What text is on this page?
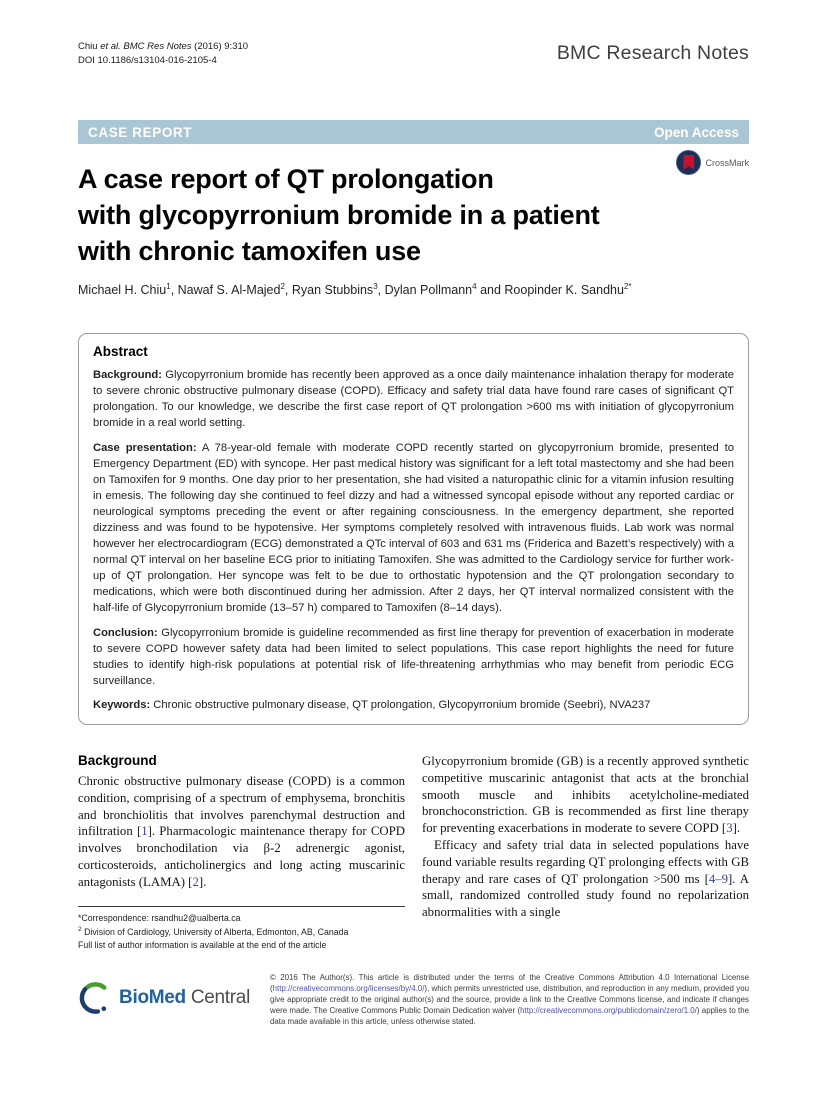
Chiu et al. BMC Res Notes (2016) 9:310
DOI 10.1186/s13104-016-2105-4	BMC Research Notes
CASE REPORT	Open Access
CrossMark
A case report of QT prolongation
with glycopyrronium bromide in a patient
with chronic tamoxifen use
Michael H. Chiu$^1$, Nawaf S. Al-Majed$^2$, Ryan Stubbins$^3$, Dylan Pollmann$^4$ and Roopinder K. Sandhu$^{2*}$
Abstract

Background: Glycopyrronium bromide has recently been approved as a once daily maintenance inhalation therapy for moderate to severe chronic obstructive pulmonary disease (COPD). Efficacy and safety trial data have found rare cases of significant QT prolongation. To our knowledge, we describe the first case report of QT prolongation >600 ms with initiation of glycopyrronium bromide in a real world setting.

Case presentation: A 78-year-old female with moderate COPD recently started on glycopyrronium bromide, presented to Emergency Department (ED) with syncope. Her past medical history was significant for a left total mastectomy and she had been on Tamoxifen for 9 months. One day prior to her presentation, she had visited a naturopathic clinic for a vitamin infusion resulting in emesis. The following day she continued to feel dizzy and had a witnessed syncopal episode without any reported cardiac or neurological symptoms preceding the event or after regaining consciousness. In the emergency department, she reported dizziness and was found to be hypotensive. Her symptoms completely resolved with intravenous fluids. Lab work was normal however her electrocardiogram (ECG) demonstrated a QTc interval of 603 and 631 ms (Friderica and Bazett’s respectively) with a normal QT interval on her baseline ECG prior to initiating Tamoxifen. She was admitted to the Cardiology service for further work-up of QT prolongation. Her syncope was felt to be due to orthostatic hypotension and the QT prolongation secondary to medications, which were both discontinued during her admission. After 2 days, her QT interval normalized consistent with the half-life of Glycopyrronium bromide (13–57 h) compared to Tamoxifen (8–14 days).

Conclusion: Glycopyrronium bromide is guideline recommended as first line therapy for prevention of exacerbation in moderate to severe COPD however safety data had been limited to select populations. This case report highlights the need for future studies to identify high-risk populations at potential risk of life-threatening arrhythmias who may benefit from periodic ECG surveillance.

Keywords: Chronic obstructive pulmonary disease, QT prolongation, Glycopyrronium bromide (Seebri), NVA237

Background

Chronic obstructive pulmonary disease (COPD) is a common condition, comprising of a spectrum of emphysema, bronchitis and bronchiolitis that involves parenchymal destruction and infiltration [1]. Pharmacologic maintenance therapy for COPD involves bronchodilation via β-2 adrenergic agonist, corticosteroids, anticholinergics and long acting muscarinic antagonists (LAMA) [2].

*Correspondence: rsandhu2@ualberta.ca
$^2$ Division of Cardiology, University of Alberta, Edmonton, AB, Canada
Full list of author information is available at the end of the article

Glycopyrronium bromide (GB) is a recently approved synthetic competitive muscarinic antagonist that acts at the bronchial smooth muscle and inhibits acetylcholine-mediated bronchoconstriction. GB is recommended as first line therapy for preventing exacerbations in moderate to severe COPD [3].

Efficacy and safety trial data in selected populations have found variable results regarding QT prolonging effects with GB therapy and rare cases of QT prolongation >500 ms [4–9]. A small, randomized controlled study found no repolarization abnormalities with a single

BioMed Central
© 2016 The Author(s). This article is distributed under the terms of the Creative Commons Attribution 4.0 International License (http://creativecommons.org/licenses/by/4.0/), which permits unrestricted use, distribution, and reproduction in any medium, provided you give appropriate credit to the original author(s) and the source, provide a link to the Creative Commons license, and indicate if changes were made. The Creative Commons Public Domain Dedication waiver (http://creativecommons.org/publicdomain/zero/1.0/) applies to the data made available in this article, unless otherwise stated.
